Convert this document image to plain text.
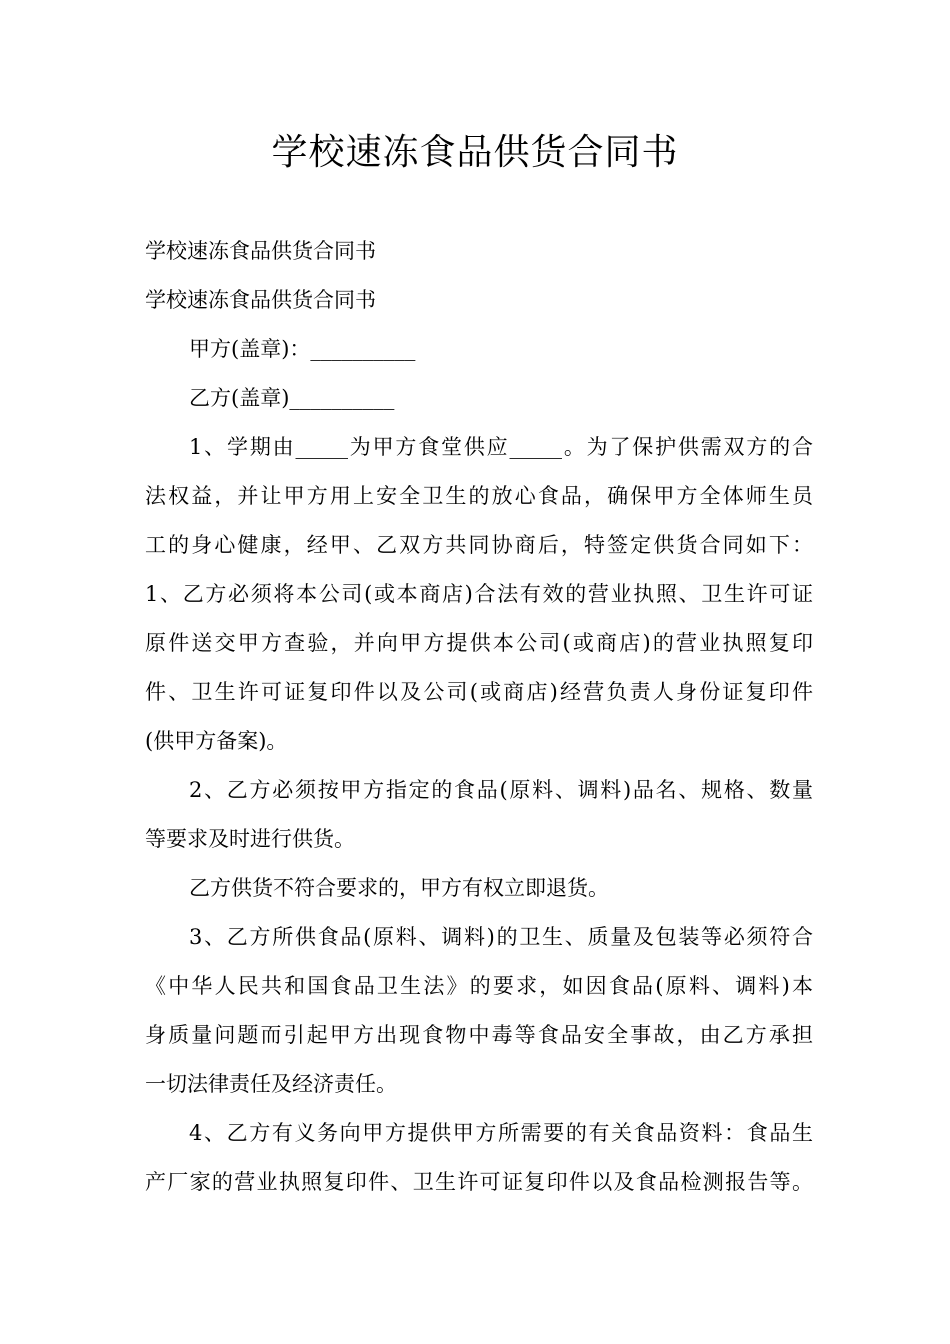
学校速冻食品供货合同书
学校速冻食品供货合同书
学校速冻食品供货合同书
甲方(盖章)：__________
乙方(盖章)__________
1、学期由_____为甲方食堂供应_____。为了保护供需双方的合
法权益，并让甲方用上安全卫生的放心食品，确保甲方全体师生员
工的身心健康，经甲、乙双方共同协商后，特签定供货合同如下：
1、乙方必须将本公司(或本商店)合法有效的营业执照、卫生许可证
原件送交甲方查验，并向甲方提供本公司(或商店)的营业执照复印
件、卫生许可证复印件以及公司(或商店)经营负责人身份证复印件
(供甲方备案)。
2、乙方必须按甲方指定的食品(原料、调料)品名、规格、数量
等要求及时进行供货。
乙方供货不符合要求的，甲方有权立即退货。
3、乙方所供食品(原料、调料)的卫生、质量及包装等必须符合
《中华人民共和国食品卫生法》的要求，如因食品(原料、调料)本
身质量问题而引起甲方出现食物中毒等食品安全事故，由乙方承担
一切法律责任及经济责任。
4、乙方有义务向甲方提供甲方所需要的有关食品资料：食品生
产厂家的营业执照复印件、卫生许可证复印件以及食品检测报告等。
